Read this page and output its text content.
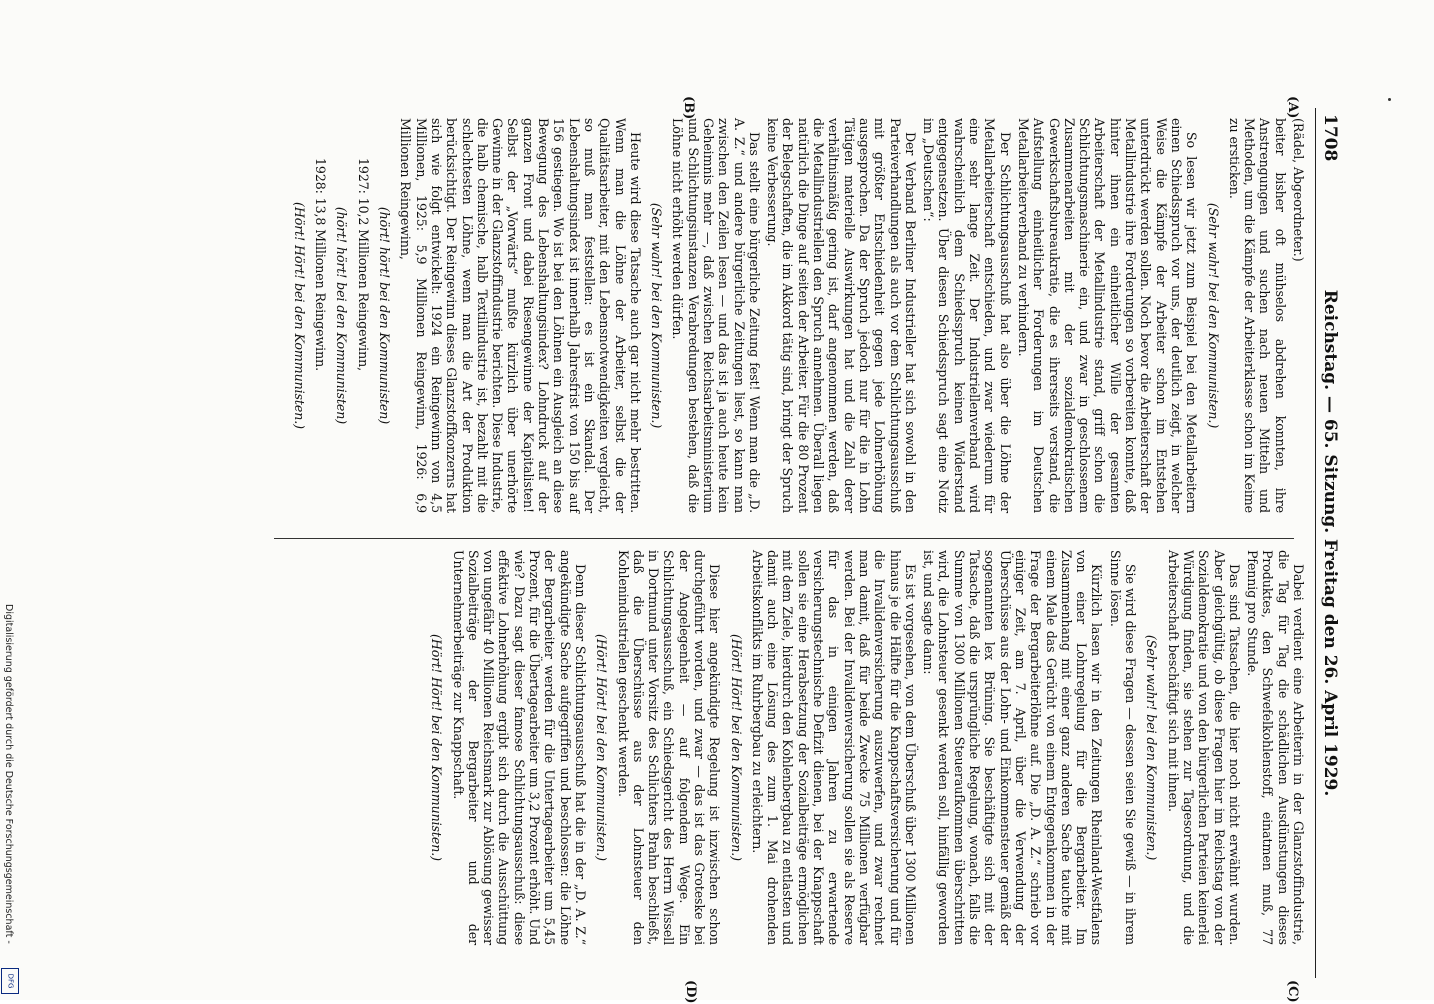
1708
Reichstag. — 65. Sitzung. Freitag den 26. April 1929.
(A)
(B)
(C)
(D)

(Rädel, Abgeordneter.)

beiter bisher oft mühselos abdrehen konnten, ihre Anstrengungen und suchen nach neuen Mitteln und Methoden, um die Kämpfe der Arbeiterklasse schon im Keime zu ersticken.

(Sehr wahr! bei den Kommunisten.)

So lesen wir jetzt zum Beispiel bei den Metallarbeitern einen Schiedsspruch vor uns, der deutlich zeigt, in welcher Weise die Kämpfe der Arbeiter schon im Entstehen unterdrückt werden sollen. Noch bevor die Arbeiterschaft der Metallindustrie ihre Forderungen so vorbereiten konnte, daß hinter ihnen ein einheitlicher Wille der gesamten Arbeiterschaft der Metallindustrie stand, griff schon die Schlichtungsmaschinerie ein, und zwar in geschlossenem Zusammenarbeiten mit der sozialdemokratischen Gewerkschaftsbureaukratie, die es ihrerseits verstand, die Aufstellung einheitlicher Forderungen im Deutschen Metallarbeiterverband zu verhindern.

Der Schlichtungsausschuß hat also über die Löhne der Metallarbeiterschaft entschieden, und zwar wiederum für eine sehr lange Zeit. Der Industriellenverband wird wahrscheinlich dem Schiedsspruch keinen Widerstand entgegensetzen. Über diesen Schiedsspruch sagt eine Notiz im „Deutschen“:

Der Verband Berliner Industrieller hat sich sowohl in den Parteiverhandlungen als auch vor dem Schlichtungsausschuß mit größter Entschiedenheit gegen jede Lohnerhöhung ausgesprochen. Da der Spruch jedoch nur für die in Lohn Tätigen materielle Auswirkungen hat und die Zahl derer verhältnismäßig gering ist, darf angenommen werden, daß die Metallindustriellen den Spruch annehmen. Überall liegen natürlich die Dinge auf seiten der Arbeiter. Für die 80 Prozent der Belegschaften, die im Akkord tätig sind, bringt der Spruch keine Verbesserung.

Das stellt eine bürgerliche Zeitung fest! Wenn man die „D. A. Z.“ und andere bürgerliche Zeitungen liest, so kann man zwischen den Zeilen lesen — und das ist ja auch heute kein Geheimnis mehr —, daß zwischen Reichsarbeitsministerium und Schlichtungsinstanzen Verabredungen bestehen, daß die Löhne nicht erhöht werden dürfen.

(Sehr wahr! bei den Kommunisten.)

Heute wird diese Tatsache auch gar nicht mehr bestritten. Wenn man die Löhne der Arbeiter, selbst die der Qualitätsarbeiter, mit den Lebensnotwendigkeiten vergleicht, so muß man feststellen: es ist ein Skandal. Der Lebenshaltungsindex ist innerhalb Jahresfrist von 150 bis auf 156 gestiegen. Wo ist bei den Löhnen ein Ausgleich an diese Bewegung des Lebenshaltungsindex? Lohndruck auf der ganzen Front und dabei Riesengewinne der Kapitalisten! Selbst der „Vorwärts“ mußte kürzlich über unerhörte Gewinne in der Glanzstoffindustrie berichten. Diese Industrie, die halb chemische, halb Textilindustrie ist, bezahlt mit die schlechtesten Löhne, wenn man die Art der Produktion berücksichtigt. Der Reingewinn dieses Glanzstoffkonzerns hat sich wie folgt entwickelt: 1924 ein Reingewinn von 4,5 Millionen, 1925: 5,9 Millionen Reingewinn, 1926: 6,9 Millionen Reingewinn,

(hört! hört! bei den Kommunisten)

1927: 10,2 Millionen Reingewinn,

(hört! hört! bei den Kommunisten)

1928: 13,8 Millionen Reingewinn.

(Hört! Hört! bei den Kommunisten.)

Dabei verdient eine Arbeiterin in der Glanzstoffindustrie, die Tag für Tag die schädlichen Ausdünstungen dieses Produktes, den Schwefelkohlenstoff, einatmen muß, 77 Pfennig pro Stunde.

Das sind Tatsachen, die hier noch nicht erwähnt wurden. Aber gleichgültig, ob diese Fragen hier im Reichstag von der Sozialdemokratie und von den bürgerlichen Parteien keinerlei Würdigung finden, sie stehen zur Tagesordnung, und die Arbeiterschaft beschäftigt sich mit ihnen.

(Sehr wahr! bei den Kommunisten.)

Sie wird diese Fragen — dessen seien Sie gewiß — in ihrem Sinne lösen.

Kürzlich lasen wir in den Zeitungen Rheinland-Westfalens von einer Lohnregelung für die Bergarbeiter. Im Zusammenhang mit einer ganz anderen Sache tauchte mit einem Male das Gerücht von einem Entgegenkommen in der Frage der Bergarbeiterlöhne auf. Die „D. A. Z.“ schrieb vor einiger Zeit, am 7. April, über die Verwendung der Überschüsse aus der Lohn- und Einkommensteuer gemäß der sogenannten lex Brüning. Sie beschäftigte sich mit der Tatsache, daß die ursprüngliche Regelung, wonach, falls die Summe von 1300 Millionen Steueraufkommen überschritten wird, die Lohnsteuer gesenkt werden soll, hinfällig geworden ist, und sagte dann:

Es ist vorgesehen, von dem Überschuß über 1300 Millionen hinaus je die Hälfte für die Knappschaftsversicherung und für die Invalidenversicherung auszuwerfen, und zwar rechnet man damit, daß für beide Zwecke 75 Millionen verfügbar werden. Bei der Invalidenversicherung sollen sie als Reserve für das in einigen Jahren zu erwartende versicherungstechnische Defizit dienen, bei der Knappschaft sollen sie eine Herabsetzung der Sozialbeiträge ermöglichen mit dem Ziele, hierdurch den Kohlenbergbau zu entlasten und damit auch eine Lösung des zum 1. Mai drohenden Arbeitskonflikts im Ruhrbergbau zu erleichtern.

(Hört! Hört! bei den Kommunisten.)

Diese hier angekündigte Regelung ist inzwischen schon durchgeführt worden, und zwar — das ist das Groteske bei der Angelegenheit — auf folgendem Wege. Ein Schlichtungsausschuß, ein Schiedsgericht des Herrn Wissell in Dortmund unter Vorsitz des Schlichters Brahn beschließt, daß die Überschüsse aus der Lohnsteuer den Kohlenindustriellen geschenkt werden.

(Hört! Hört! bei den Kommunisten.)

Denn dieser Schlichtungsausschuß hat die in der „D. A. Z.“ angekündigte Sache aufgegriffen und beschlossen: die Löhne der Bergarbeiter werden für die Untertagearbeiter um 5,45 Prozent, für die Übertagearbeiter um 3,2 Prozent erhöht. Und wie? Dazu sagt dieser famose Schlichtungsausschuß: diese effektive Lohnerhöhung ergibt sich durch die Ausschüttung von ungefähr 40 Millionen Reichsmark zur Ablösung gewisser Sozialbeiträge der Bergarbeiter und der Unternehmerbeiträge zur Knappschaft.

(Hört! Hört! bei den Kommunisten.)

Digitalisierung gefördert durch die Deutsche Forschungsgemeinschaft -
DFG
